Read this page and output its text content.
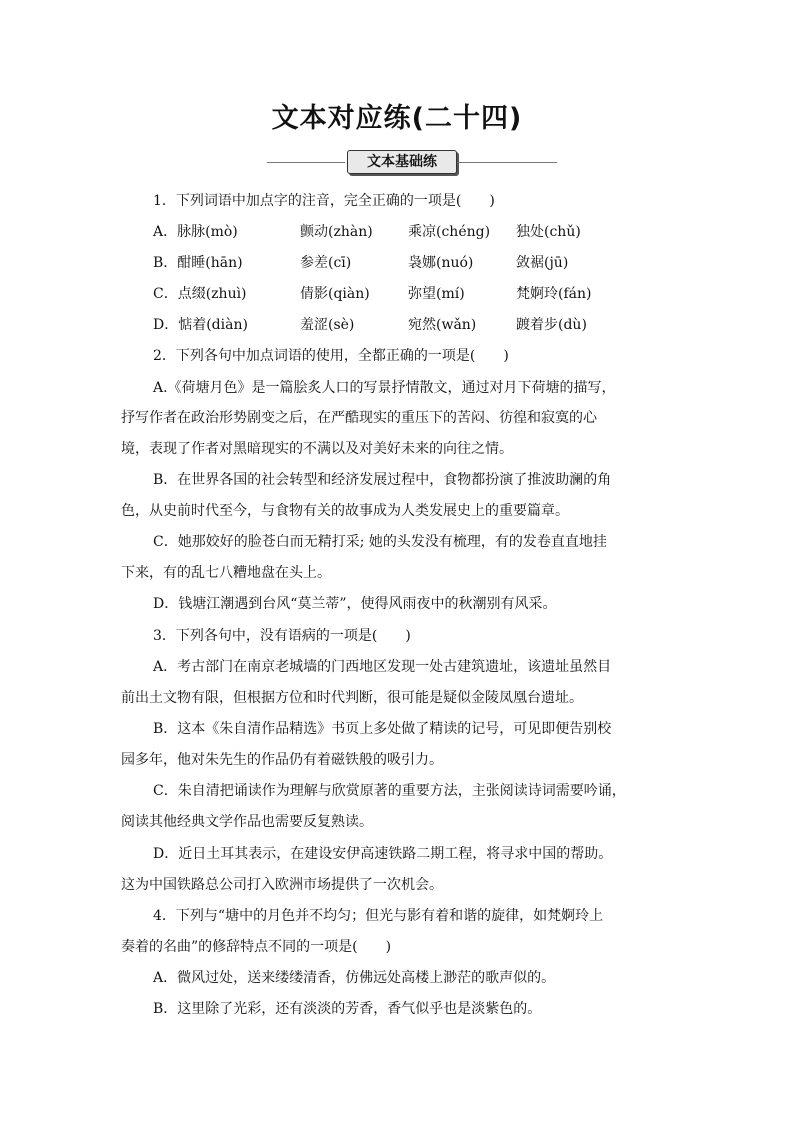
文本对应练(二十四)
文本基础练
1．下列词语中加点字的注音，完全正确的一项是(　　)
A．脉脉(mò)	颤动(zhàn)	乘凉(chéng) 独处(chǔ)
B．酣睡(hān)	参差(cī)	袅娜(nuó)	敛裾(jū)
C．点缀(zhuì)	倩影(qiàn)	弥望(mí)	梵婀玲(fán)
D．惦着(diàn)	羞涩(sè)	宛然(wǎn)	踱着步(dù)
2．下列各句中加点词语的使用，全都正确的一项是(　　)
A.《荷塘月色》是一篇脍炙人口的写景抒情散文，通过对月下荷塘的描写，
抒写作者在政治形势剧变之后，在严酷现实的重压下的苦闷、彷徨和寂寞的心
境，表现了作者对黑暗现实的不满以及对美好未来的向往之情。
B．在世界各国的社会转型和经济发展过程中，食物都扮演了推波助澜的角
色，从史前时代至今，与食物有关的故事成为人类发展史上的重要篇章。
C．她那姣好的脸苍白而无精打采; 她的头发没有梳理，有的发卷直直地挂
下来，有的乱七八糟地盘在头上。
D．钱塘江潮遇到台风“莫兰蒂”，使得风雨夜中的秋潮别有风采。
3．下列各句中，没有语病的一项是(　　)
A．考古部门在南京老城墙的门西地区发现一处古建筑遗址，该遗址虽然目
前出土文物有限，但根据方位和时代判断，很可能是疑似金陵凤凰台遗址。
B．这本《朱自清作品精选》书页上多处做了精读的记号，可见即便告别校
园多年，他对朱先生的作品仍有着磁铁般的吸引力。
C．朱自清把诵读作为理解与欣赏原著的重要方法，主张阅读诗词需要吟诵，
阅读其他经典文学作品也需要反复熟读。
D．近日土耳其表示，在建设安伊高速铁路二期工程，将寻求中国的帮助。
这为中国铁路总公司打入欧洲市场提供了一次机会。
4．下列与“塘中的月色并不均匀；但光与影有着和谐的旋律，如梵婀玲上
奏着的名曲”的修辞特点不同的一项是(　　)
A．微风过处，送来缕缕清香，仿佛远处高楼上渺茫的歌声似的。
B．这里除了光彩，还有淡淡的芳香，香气似乎也是淡紫色的。
